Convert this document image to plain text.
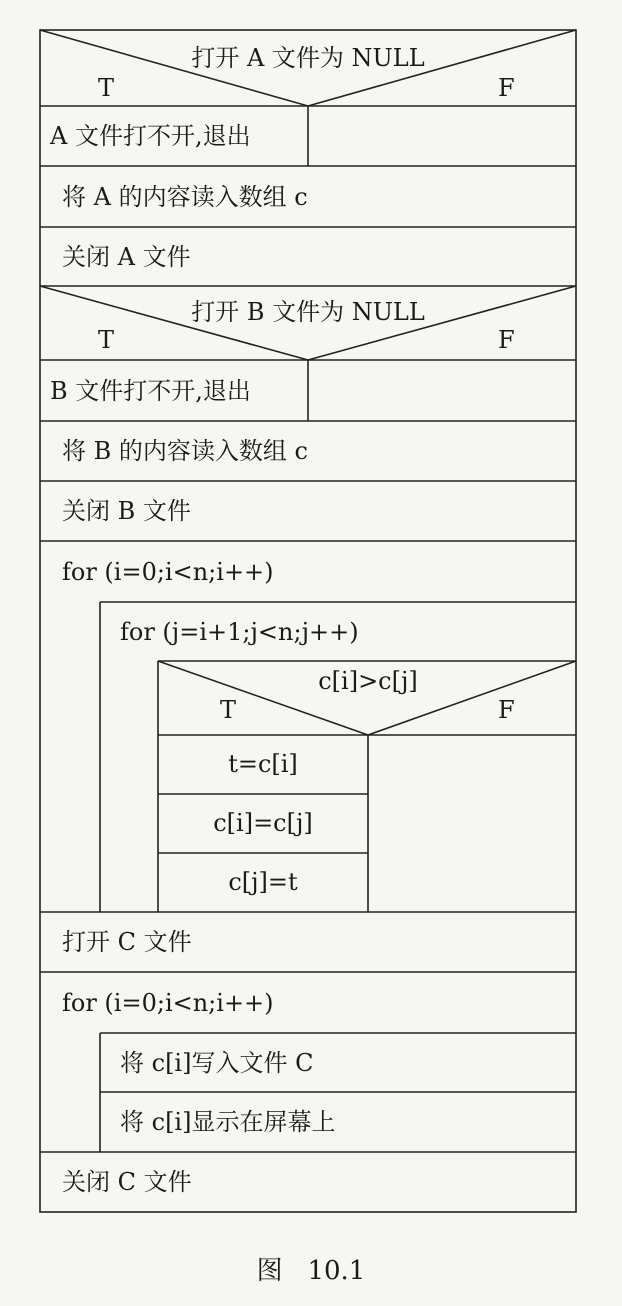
打开 A 文件为 NULL
T	F
A 文件打不开,退出
将 A 的内容读入数组 c
关闭 A 文件
打开 B 文件为 NULL
T	F
B 文件打不开,退出
将 B 的内容读入数组 c
关闭 B 文件
for (i=0;i<n;i++)
for (j=i+1;j<n;j++)
c[i]>c[j]
T	F
t=c[i]
c[i]=c[j]
c[j]=t
打开 C 文件
for (i=0;i<n;i++)
将 c[i]写入文件 C
将 c[i]显示在屏幕上
关闭 C 文件
图   10.1
